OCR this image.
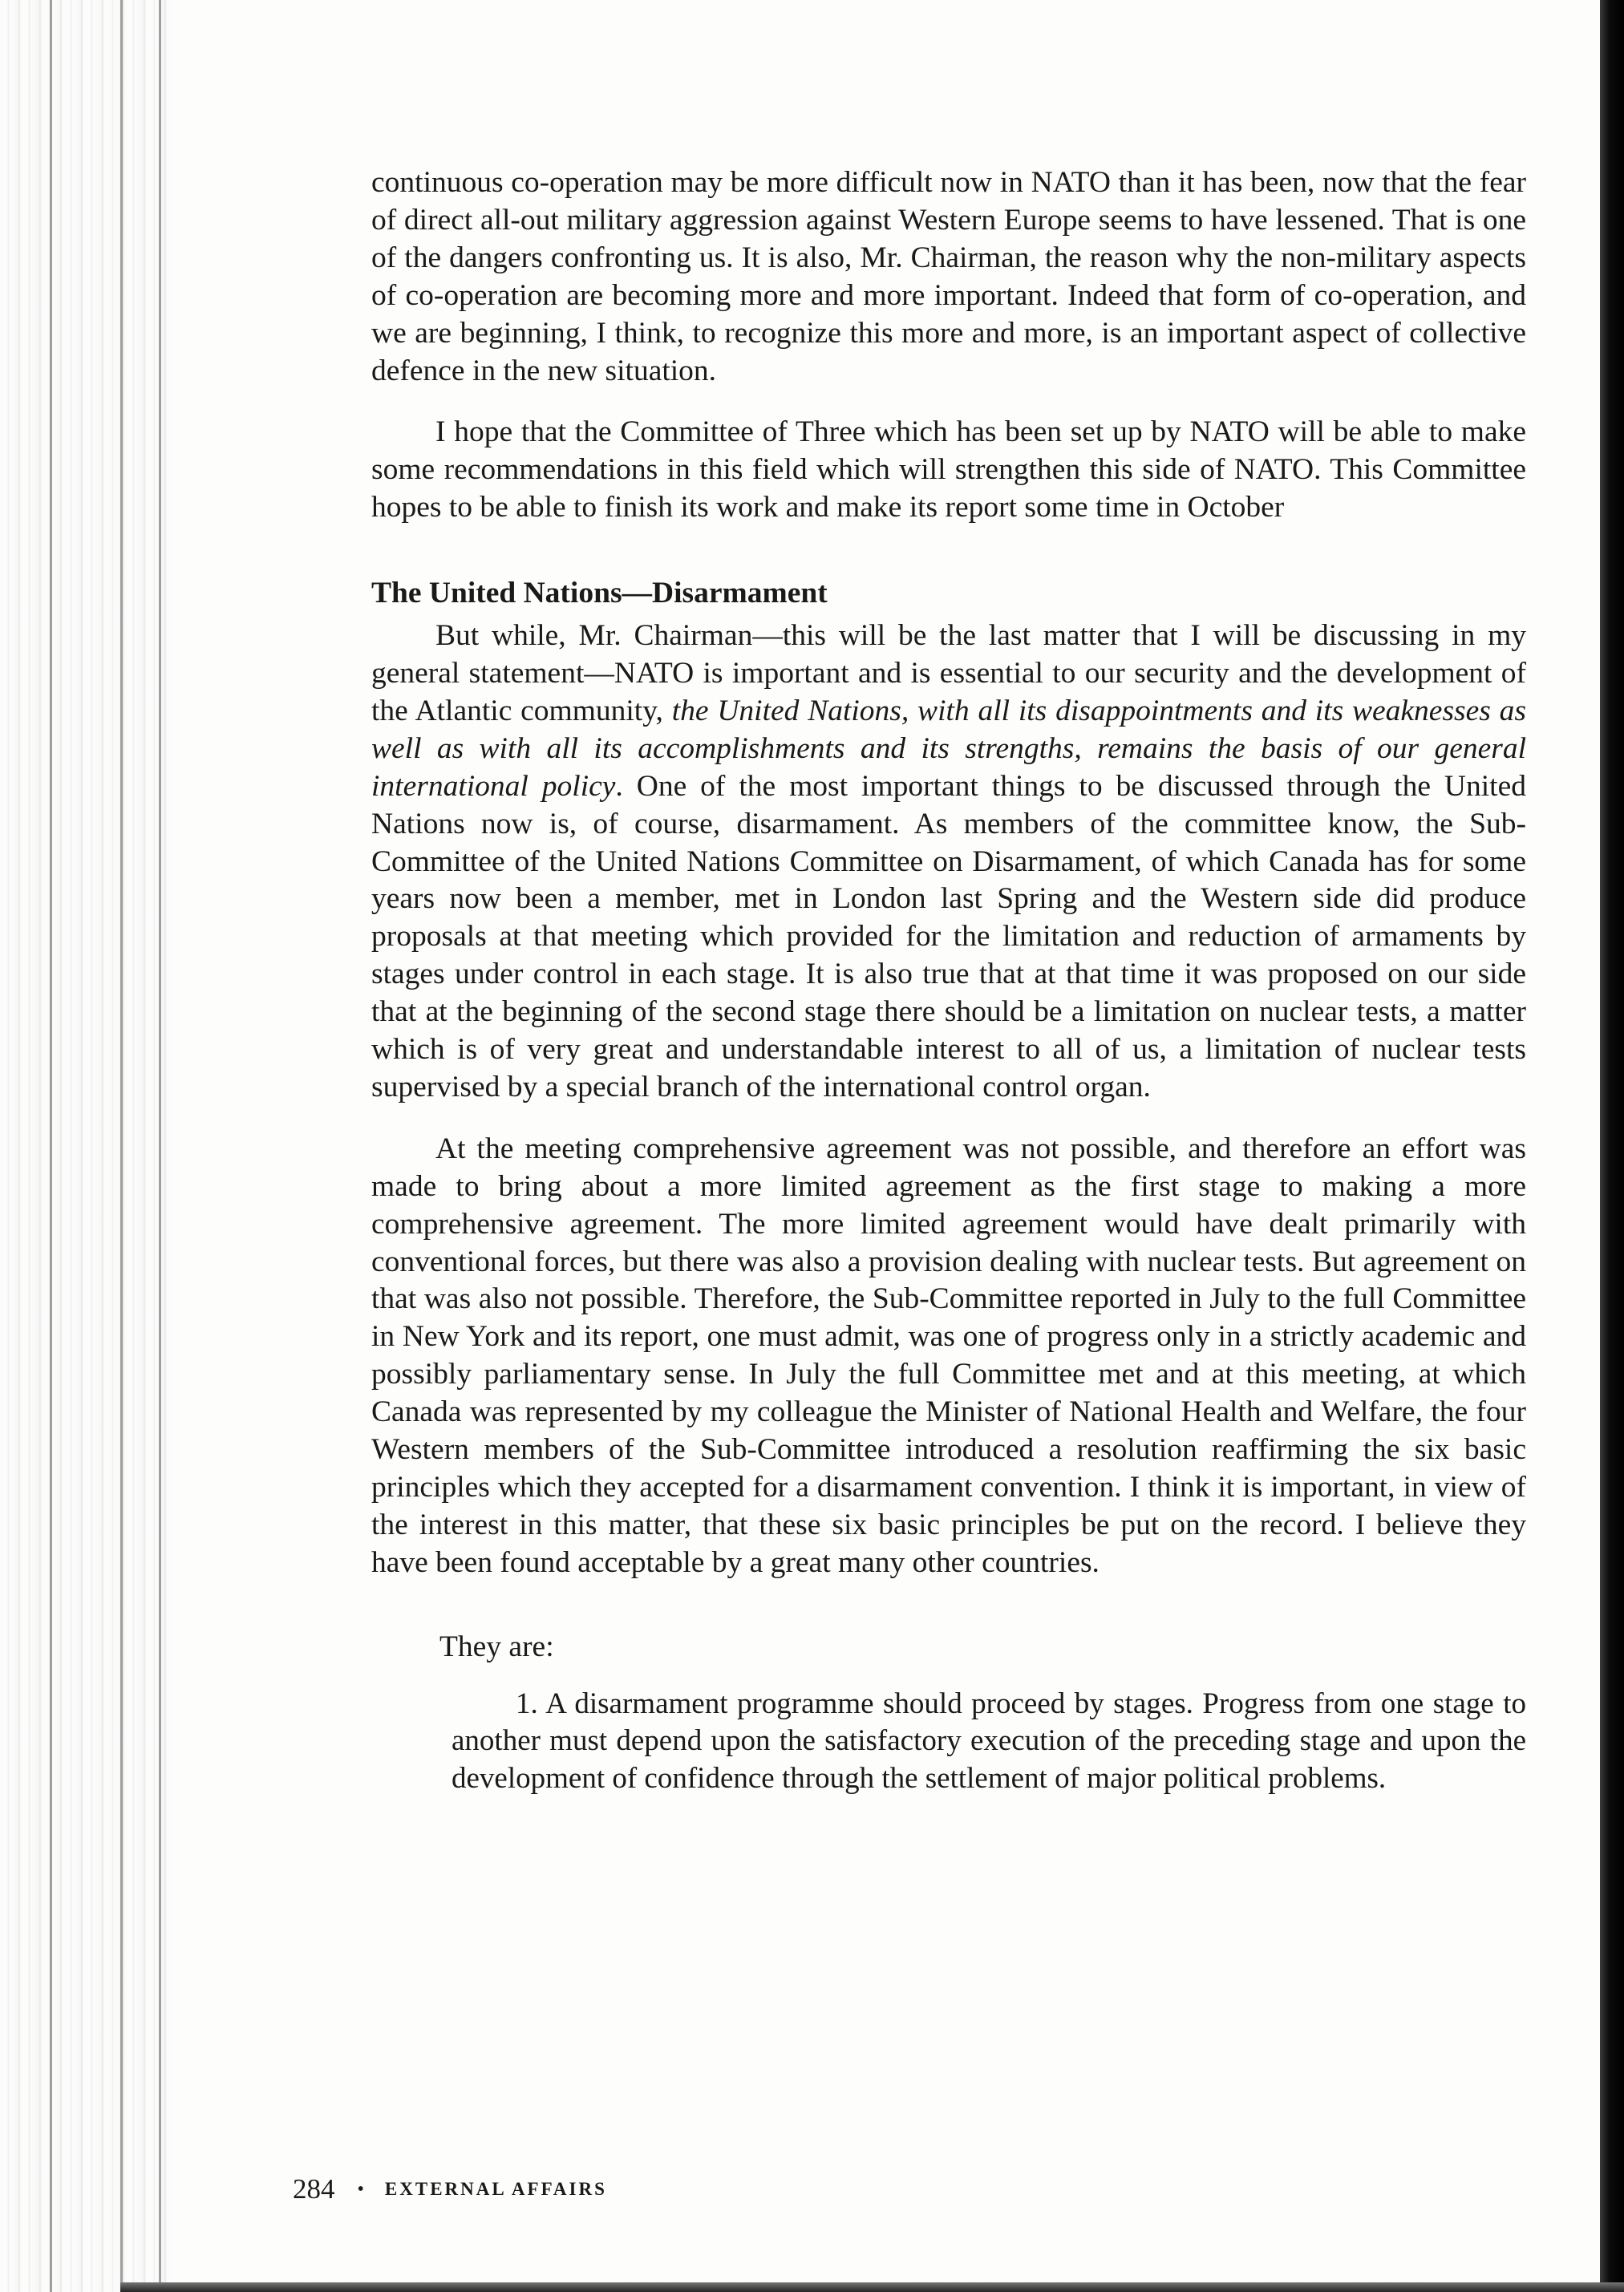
continuous co-operation may be more difficult now in NATO than it has been, now that the fear of direct all-out military aggression against Western Europe seems to have lessened. That is one of the dangers confronting us. It is also, Mr. Chairman, the reason why the non-military aspects of co-operation are becoming more and more important. Indeed that form of co-operation, and we are beginning, I think, to recognize this more and more, is an important aspect of collective defence in the new situation.

I hope that the Committee of Three which has been set up by NATO will be able to make some recommendations in this field which will strengthen this side of NATO. This Committee hopes to be able to finish its work and make its report some time in October

The United Nations—Disarmament

But while, Mr. Chairman—this will be the last matter that I will be discussing in my general statement—NATO is important and is essential to our security and the development of the Atlantic community, the United Nations, with all its disappointments and its weaknesses as well as with all its accomplishments and its strengths, remains the basis of our general international policy. One of the most important things to be discussed through the United Nations now is, of course, disarmament. As members of the committee know, the Sub-Committee of the United Nations Committee on Disarmament, of which Canada has for some years now been a member, met in London last Spring and the Western side did produce proposals at that meeting which provided for the limitation and reduction of armaments by stages under control in each stage. It is also true that at that time it was proposed on our side that at the beginning of the second stage there should be a limitation on nuclear tests, a matter which is of very great and understandable interest to all of us, a limitation of nuclear tests supervised by a special branch of the international control organ.

At the meeting comprehensive agreement was not possible, and therefore an effort was made to bring about a more limited agreement as the first stage to making a more comprehensive agreement. The more limited agreement would have dealt primarily with conventional forces, but there was also a provision dealing with nuclear tests. But agreement on that was also not possible. Therefore, the Sub-Committee reported in July to the full Committee in New York and its report, one must admit, was one of progress only in a strictly academic and possibly parliamentary sense. In July the full Committee met and at this meeting, at which Canada was represented by my colleague the Minister of National Health and Welfare, the four Western members of the Sub-Committee introduced a resolution reaffirming the six basic principles which they accepted for a disarmament convention. I think it is important, in view of the interest in this matter, that these six basic principles be put on the record. I believe they have been found acceptable by a great many other countries.

They are:

1. A disarmament programme should proceed by stages. Progress from one stage to another must depend upon the satisfactory execution of the preceding stage and upon the development of confidence through the settlement of major political problems.

284 • EXTERNAL AFFAIRS
